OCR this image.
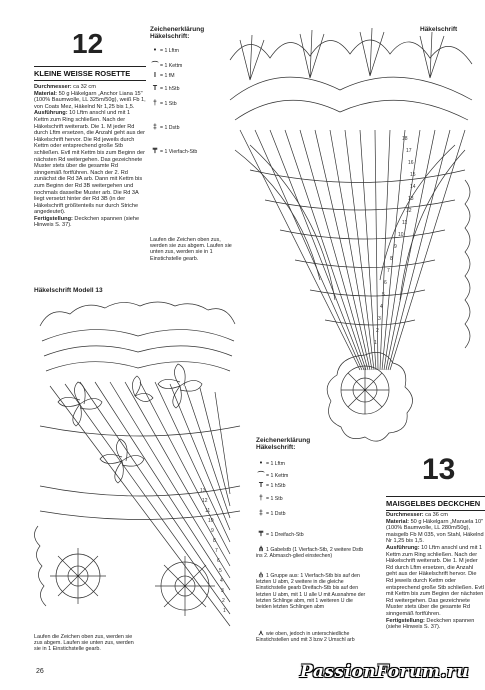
12
KLEINE WEISSE ROSETTE
Durchmesser: ca 32 cm
Material: 50 g Häkelgarn „Anchor Liana 15" (100% Baumwolle, LL 325m/50g), weiß Fb 1, von Coats Mez, Häkelnd Nr 1,25 bis 1,5.
Ausführung: 10 Lftm anschl und mit 1 Kettm zum Ring schließen. Nach der Häkelschrift weiterarb. Die 1. M jeder Rd durch Lftm ersetzen, die Anzahl geht aus der Häkelschrift hervor. Die Rd jeweils durch Kettm oder entsprechend große Stb schließen. Evtl mit Kettm bis zum Beginn der nächsten Rd weitergehen. Das gezeichnete Muster stets über die gesamte Rd sinngemäß fortführen. Nach der 2. Rd zunächst die Rd 3A arb. Dann mit Kettm bis zum Beginn der Rd 3B weitergehen und nochmals dasselbe Muster arb. Die Rd 3A liegt versetzt hinter der Rd 3B (in der Häkelschrift größtenteils nur durch Striche angedeutet).
Fertigstellung: Deckchen spannen (siehe Hinweis S. 37).
Zeichenerklärung
Häkelschrift:
• = 1 Lftm
⌒ = 1 Kettm
I = 1 fM
T = 1 hStb
† = 1 Stb
‡ = 1 Dstb
₸ = 1 Vierfach-Stb
Laufen die Zeichen oben zus, werden sie zus abgem. Laufen sie unten zus, werden sie in 1 Einstichstelle gearb.
Häkelschrift
18
17
16
15
14
13
12
11
10
9
8
7
6
5
4
3
2
1
Häkelschrift Modell 13
13
12
11
10
9
8
7
6
5
4
3
2
1
Laufen die Zeichen oben zus, werden sie zus abgem. Laufen sie unten zus, werden sie in 1 Einstichstelle gearb.
Zeichenerklärung
Häkelschrift:
• = 1 Lftm
⌒ = 1 Kettm
T = 1 hStb
† = 1 Stb
‡ = 1 Dstb
₸ = 1 Dreifach-Stb
⋔ 1 Gabelstb (1 Vierfach-Stb, 2 weitere Dstb ins 2. Abmasch-glied einstechen)
⫛ 1 Gruppe aus: 1 Vierfach-Stb bis auf den letzten U abm, 2 weitere in die gleiche Einstichstelle gearb Dreifach-Stb bis auf den letzten U abm, mit 1 U alle U mit Ausnahme der letzten Schlinge abm, mit 1 weiteren U die beiden letzten Schlingen abm
⋏ wie oben, jedoch in unterschiedliche Einstichstellen und mit 3 bzw 2 Umschl arb
13
MAISGELBES DECKCHEN
Durchmesser: ca 36 cm
Material: 50 g Häkelgarn „Manuela 10" (100% Baumwolle, LL 280m/50g), maisgelb Fb M 035, von Stahl, Häkelnd Nr 1,25 bis 1,5.
Ausführung: 10 Lftm anschl und mit 1 Kettm zum Ring schließen. Nach der Häkelschrift weiterarb. Die 1. M jeder Rd durch Lftm ersetzen, die Anzahl geht aus der Häkelschrift hervor. Die Rd jeweils durch Kettm oder entsprechend große Stb schließen. Evtl mit Kettm bis zum Beginn der nächsten Rd weitergehen. Das gezeichnete Muster stets über die gesamte Rd sinngemäß fortführen.
Fertigstellung: Deckchen spannen (siehe Hinweis S. 37).
26	PassionForum.ru
